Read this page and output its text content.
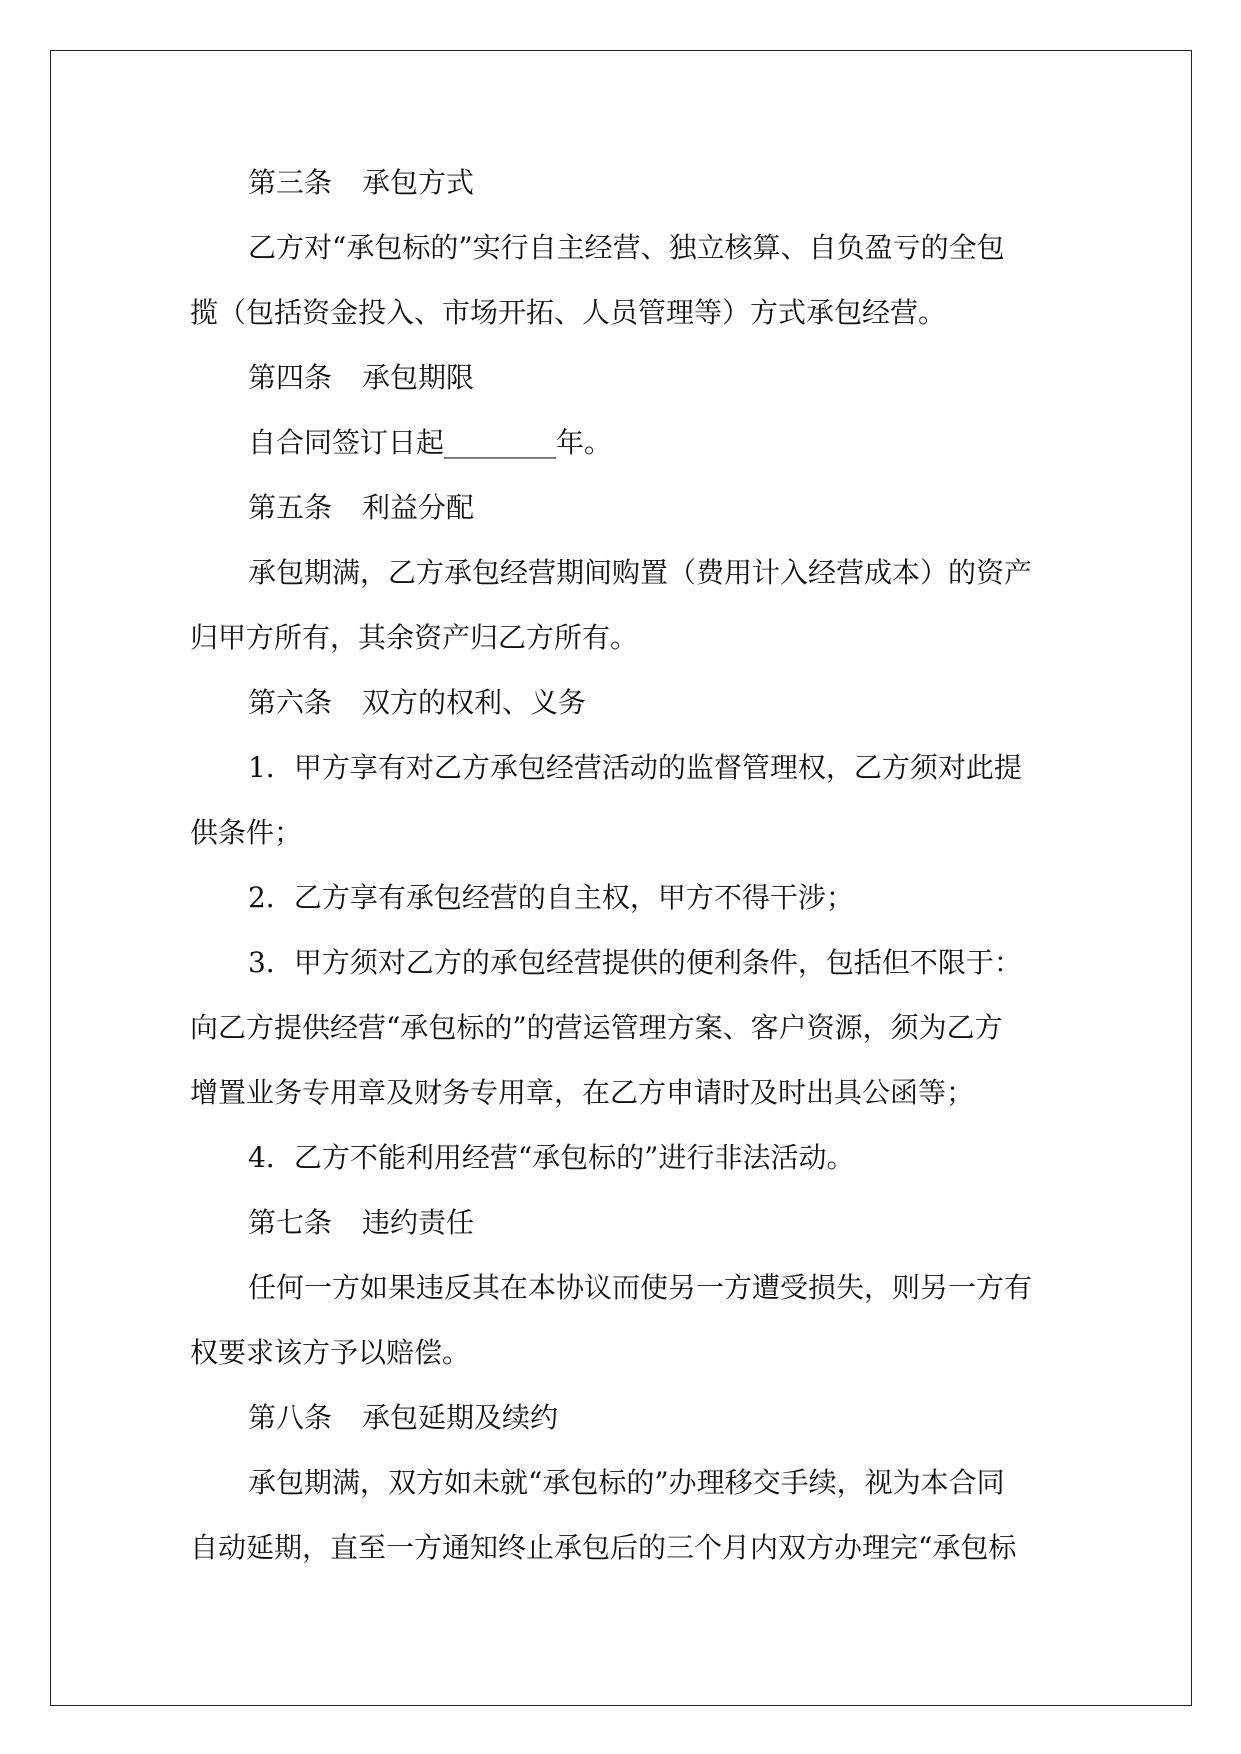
第三条 承包方式
乙方对“承包标的”实行自主经营、独立核算、自负盈亏的全包
揽（包括资金投入、市场开拓、人员管理等）方式承包经营。
第四条 承包期限
自合同签订日起________年。
第五条 利益分配
承包期满，乙方承包经营期间购置（费用计入经营成本）的资产
归甲方所有，其余资产归乙方所有。
第六条 双方的权利、义务
1．甲方享有对乙方承包经营活动的监督管理权，乙方须对此提
供条件；
2．乙方享有承包经营的自主权，甲方不得干涉；
3．甲方须对乙方的承包经营提供的便利条件，包括但不限于：
向乙方提供经营“承包标的”的营运管理方案、客户资源，须为乙方
增置业务专用章及财务专用章，在乙方申请时及时出具公函等；
4．乙方不能利用经营“承包标的”进行非法活动。
第七条 违约责任
任何一方如果违反其在本协议而使另一方遭受损失，则另一方有
权要求该方予以赔偿。
第八条 承包延期及续约
承包期满，双方如未就“承包标的”办理移交手续，视为本合同
自动延期，直至一方通知终止承包后的三个月内双方办理完“承包标
